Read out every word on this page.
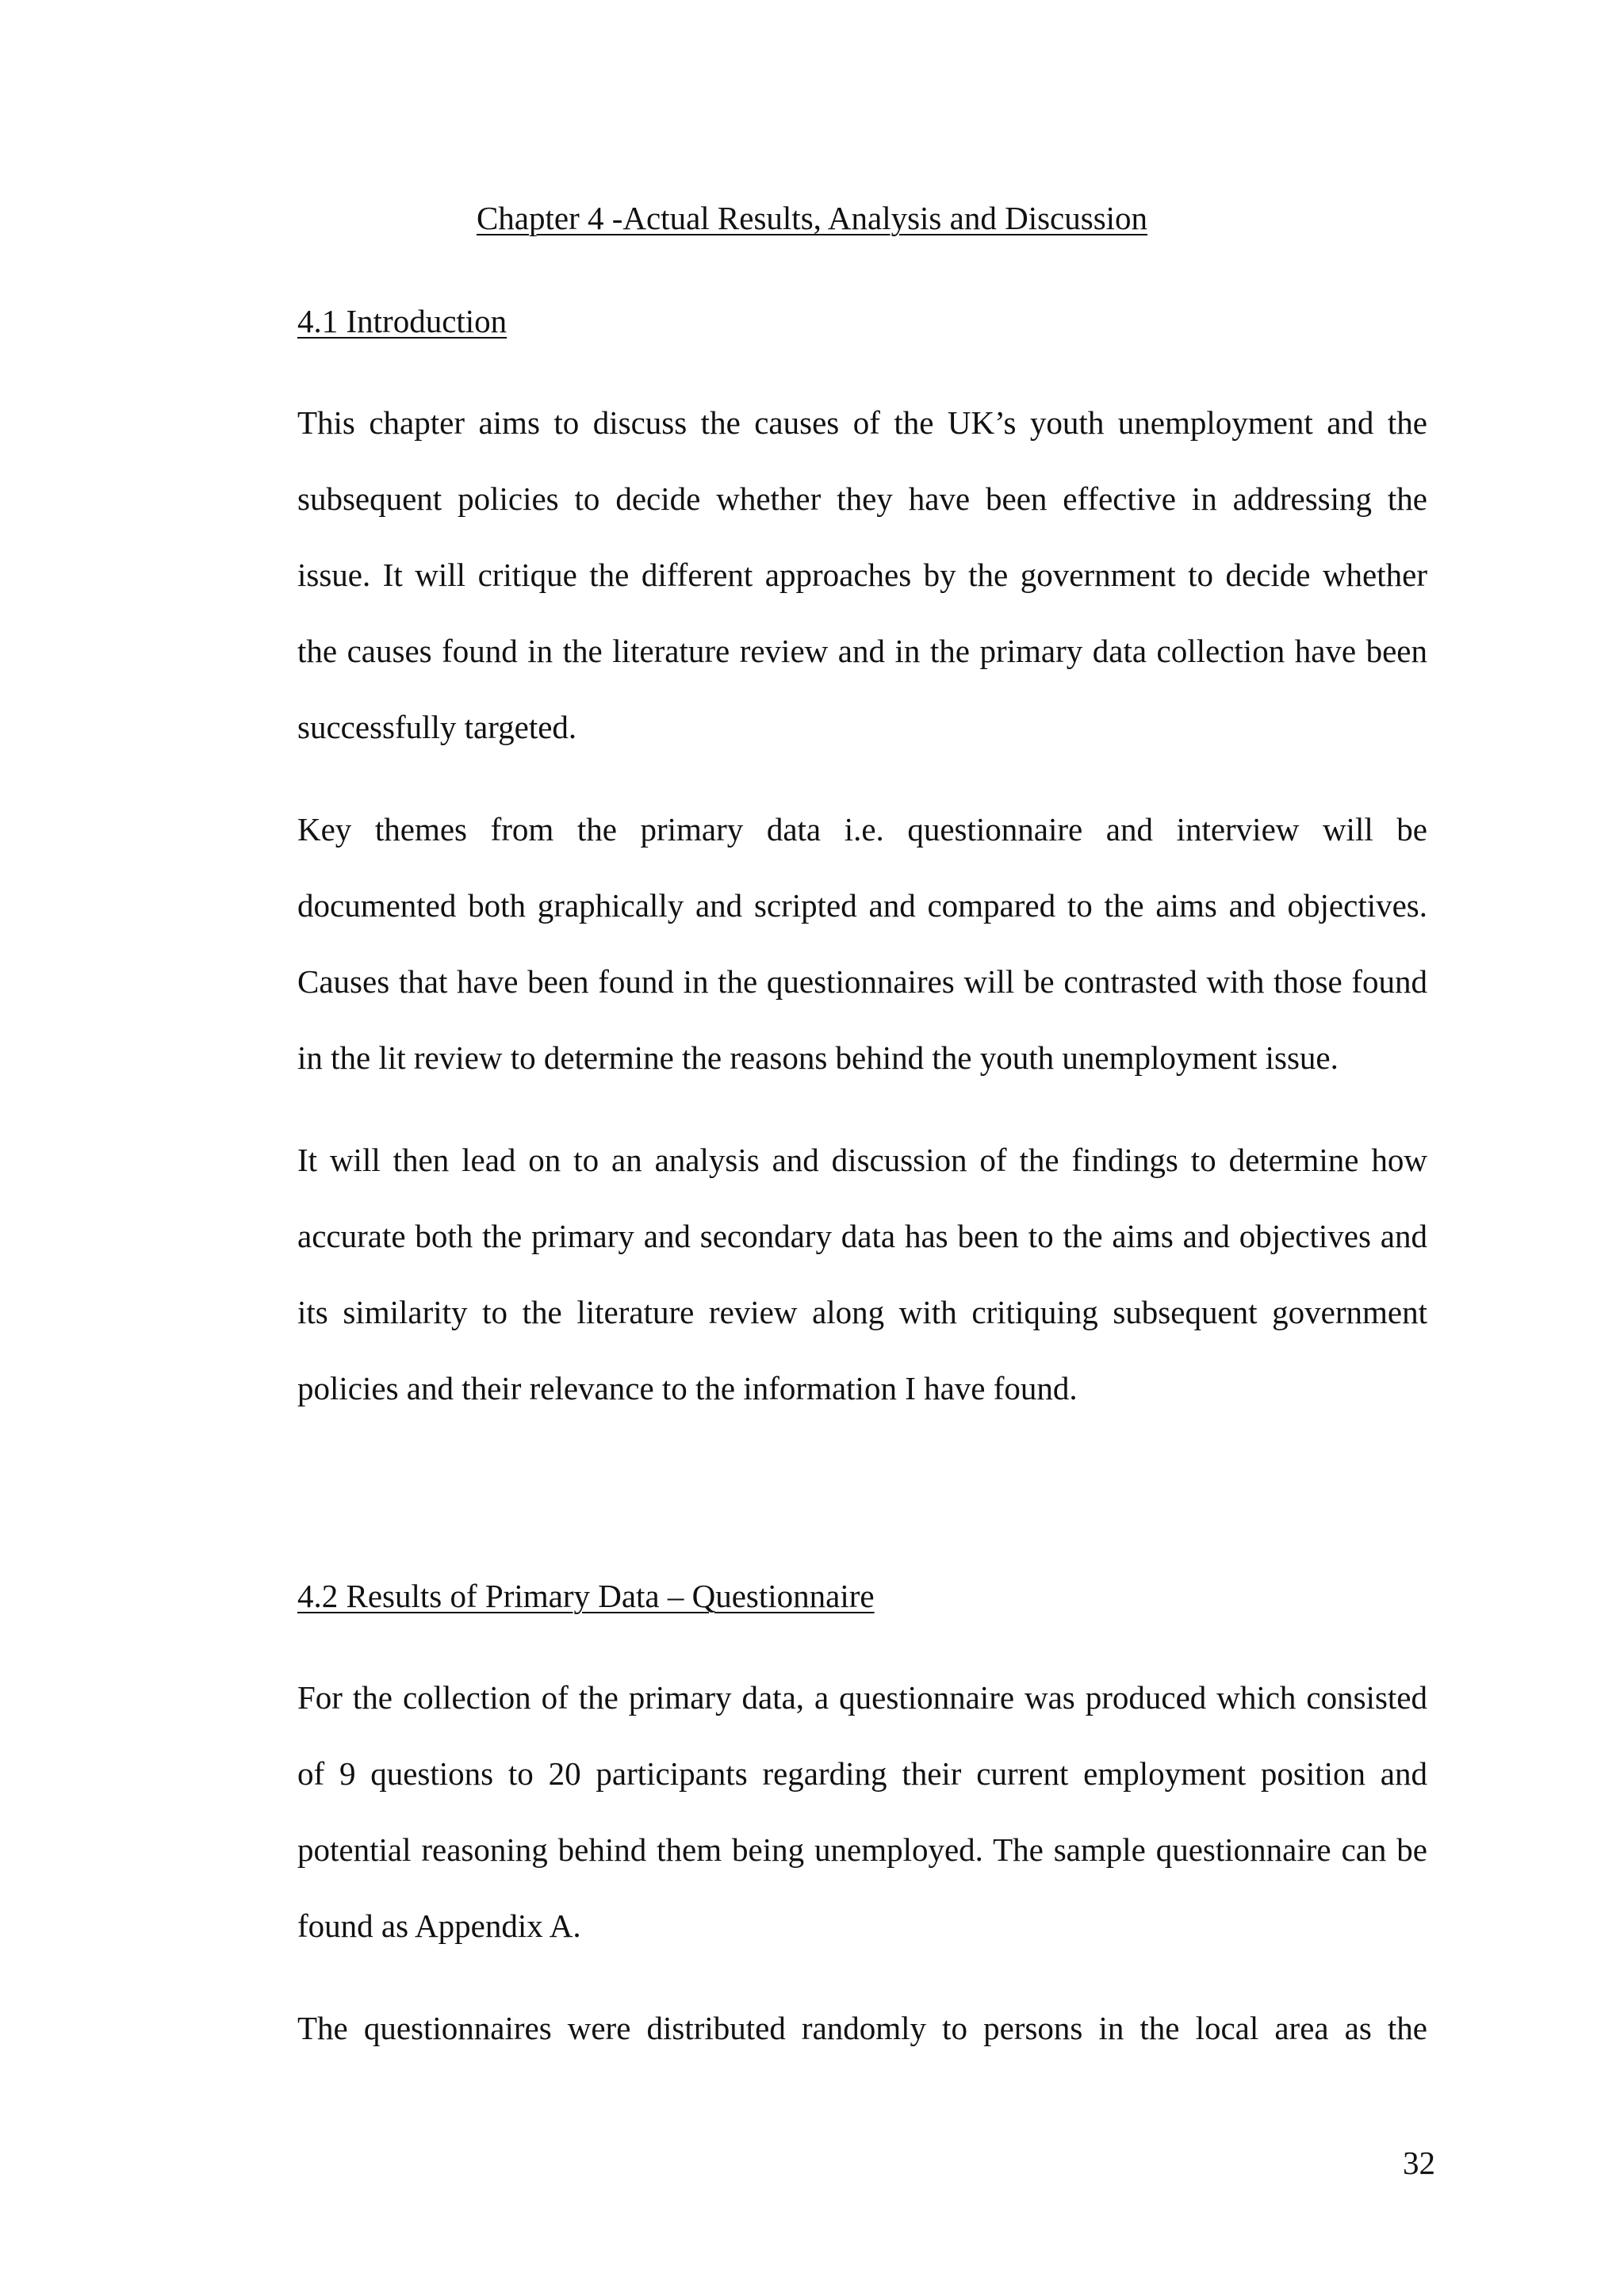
Chapter 4 -Actual Results, Analysis and Discussion
4.1 Introduction
This chapter aims to discuss the causes of the UK’s youth unemployment and the
subsequent policies to decide whether they have been effective in addressing the
issue. It will critique the different approaches by the government to decide whether
the causes found in the literature review and in the primary data collection have been
successfully targeted.
Key themes from the primary data i.e. questionnaire and interview will be
documented both graphically and scripted and compared to the aims and objectives.
Causes that have been found in the questionnaires will be contrasted with those found
in the lit review to determine the reasons behind the youth unemployment issue.
It will then lead on to an analysis and discussion of the findings to determine how
accurate both the primary and secondary data has been to the aims and objectives and
its similarity to the literature review along with critiquing subsequent government
policies and their relevance to the information I have found.
4.2 Results of Primary Data – Questionnaire
For the collection of the primary data, a questionnaire was produced which consisted
of 9 questions to 20 participants regarding their current employment position and
potential reasoning behind them being unemployed. The sample questionnaire can be
found as Appendix A.
The questionnaires were distributed randomly to persons in the local area as the
32
